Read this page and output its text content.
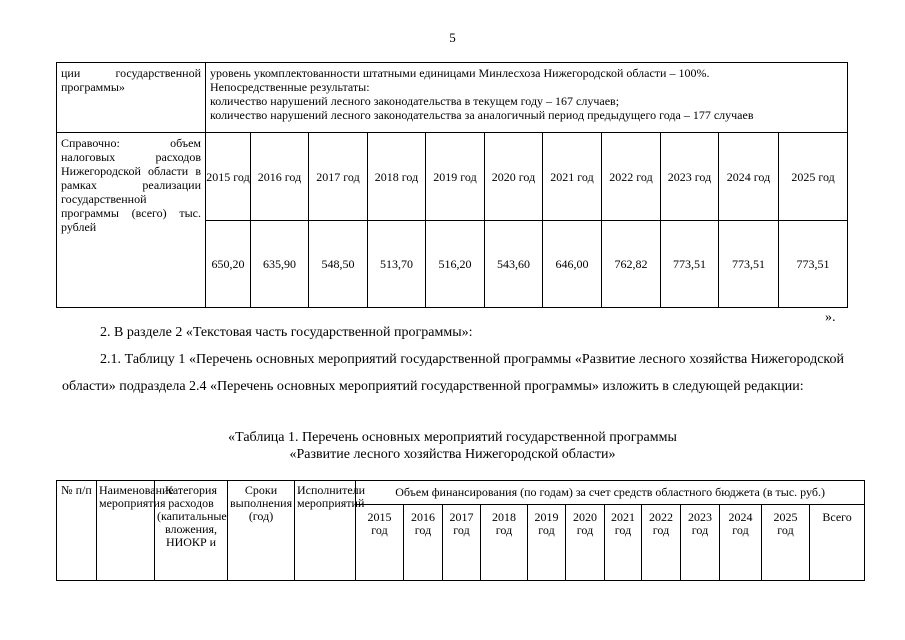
5
ции государственной программы»	уровень укомплектованности штатными единицами Минлесхоза Нижегородской области – 100%.
Непосредственные результаты:
количество нарушений лесного законодательства в текущем году – 167 случаев;
количество нарушений лесного законодательства за аналогичный период предыдущего года – 177 случаев										

Справочно: объем налоговых расходов Нижегородской области в рамках реализации государственной программы (всего) тыс. рублей	2015 год	2016 год	2017 год	2018 год	2019 год	2020 год	2021 год	2022 год	2023 год	2024 год	2025 год
	650,20	635,90	548,50	513,70	516,20	543,60	646,00	762,82	773,51	773,51	773,51
».
2. В разделе 2 «Текстовая часть государственной программы»:
2.1. Таблицу 1 «Перечень основных мероприятий государственной программы «Развитие лесного хозяйства Нижегородской области» подраздела 2.4 «Перечень основных мероприятий государственной программы» изложить в следующей редакции:
«Таблица 1. Перечень основных мероприятий государственной программы
«Развитие лесного хозяйства Нижегородской области»
№ п/п	Наименование мероприятия	Категория расходов (капитальные вложения, НИОКР и	Сроки выполнения (год)	Исполнители мероприятий	Объем финансирования (по годам) за счет средств областного бюджета (в тыс. руб.)											
					2015 год	2016 год	2017 год	2018 год	2019 год	2020 год	2021 год	2022 год	2023 год	2024 год	2025 год	Всего
